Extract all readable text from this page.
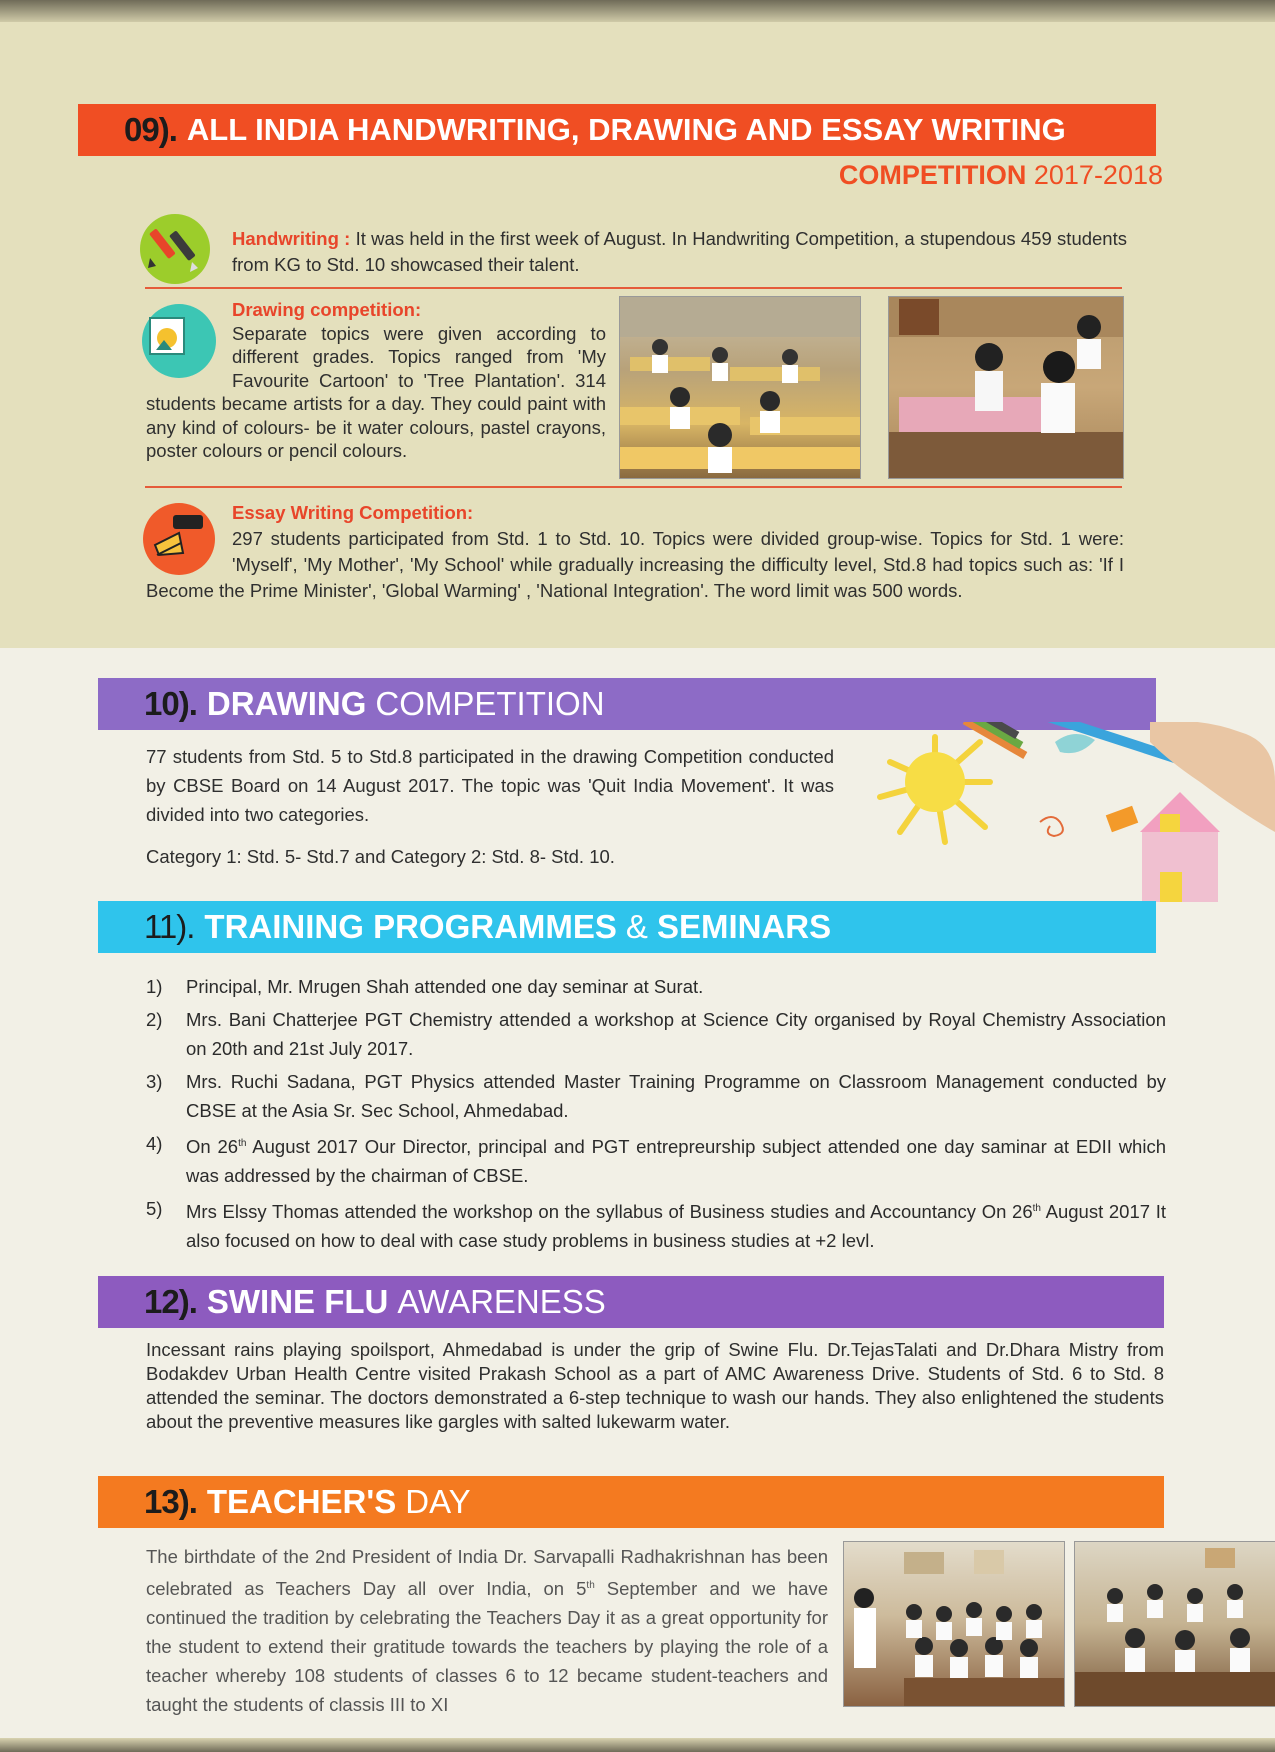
09). ALL INDIA HANDWRITING, DRAWING AND ESSAY WRITING
COMPETITION 2017-2018
Handwriting : It was held in the first week of August. In Handwriting Competition, a stupendous 459 students from KG to Std. 10 showcased their talent.
Drawing competition:
Separate topics were given according to different grades. Topics ranged from 'My Favourite Cartoon' to 'Tree Plantation'. 314 students became artists for a day. They could paint with any kind of colours- be it water colours, pastel crayons, poster colours or pencil colours.
Essay Writing Competition:
297 students participated from Std. 1 to Std. 10. Topics were divided group-wise. Topics for Std. 1 were: 'Myself', 'My Mother', 'My School' while gradually increasing the difficulty level, Std.8 had topics such as: 'If I Become the Prime Minister', 'Global Warming' , 'National Integration'. The word limit was 500 words.
10). DRAWING COMPETITION
77 students from Std. 5 to Std.8 participated in the drawing Competition conducted by CBSE Board on 14 August 2017. The topic was 'Quit India Movement'. It was divided into two categories.
Category 1: Std. 5- Std.7 and Category 2: Std. 8- Std. 10.
11). TRAINING PROGRAMMES & SEMINARS
1) Principal, Mr. Mrugen Shah attended one day seminar at Surat.
2) Mrs. Bani Chatterjee PGT Chemistry attended a workshop at Science City organised by Royal Chemistry Association on 20th and 21st July 2017.
3) Mrs. Ruchi Sadana, PGT Physics attended Master Training Programme on Classroom Management conducted by CBSE at the Asia Sr. Sec School, Ahmedabad.
4) On 26th August 2017 Our Director, principal and PGT entrepreurship subject attended one day saminar at EDII which was addressed by the chairman of CBSE.
5) Mrs Elssy Thomas attended the workshop on the syllabus of Business studies and Accountancy On 26th August 2017 It also focused on how to deal with case study problems in business studies at +2 levl.
12). SWINE FLU AWARENESS
Incessant rains playing spoilsport, Ahmedabad is under the grip of Swine Flu. Dr.TejasTalati and Dr.Dhara Mistry from Bodakdev Urban Health Centre visited Prakash School as a part of AMC Awareness Drive. Students of Std. 6 to Std. 8 attended the seminar. The doctors demonstrated a 6-step technique to wash our hands. They also enlightened the students about the preventive measures like gargles with salted lukewarm water.
13). TEACHER'S DAY
The birthdate of the 2nd President of India Dr. Sarvapalli Radhakrishnan has been celebrated as Teachers Day all over India, on 5th September and we have continued the tradition by celebrating the Teachers Day it as a great opportunity for the student to extend their gratitude towards the teachers by playing the role of a teacher whereby 108 students of classes 6 to 12 became student-teachers and taught the students of classis III to XI
